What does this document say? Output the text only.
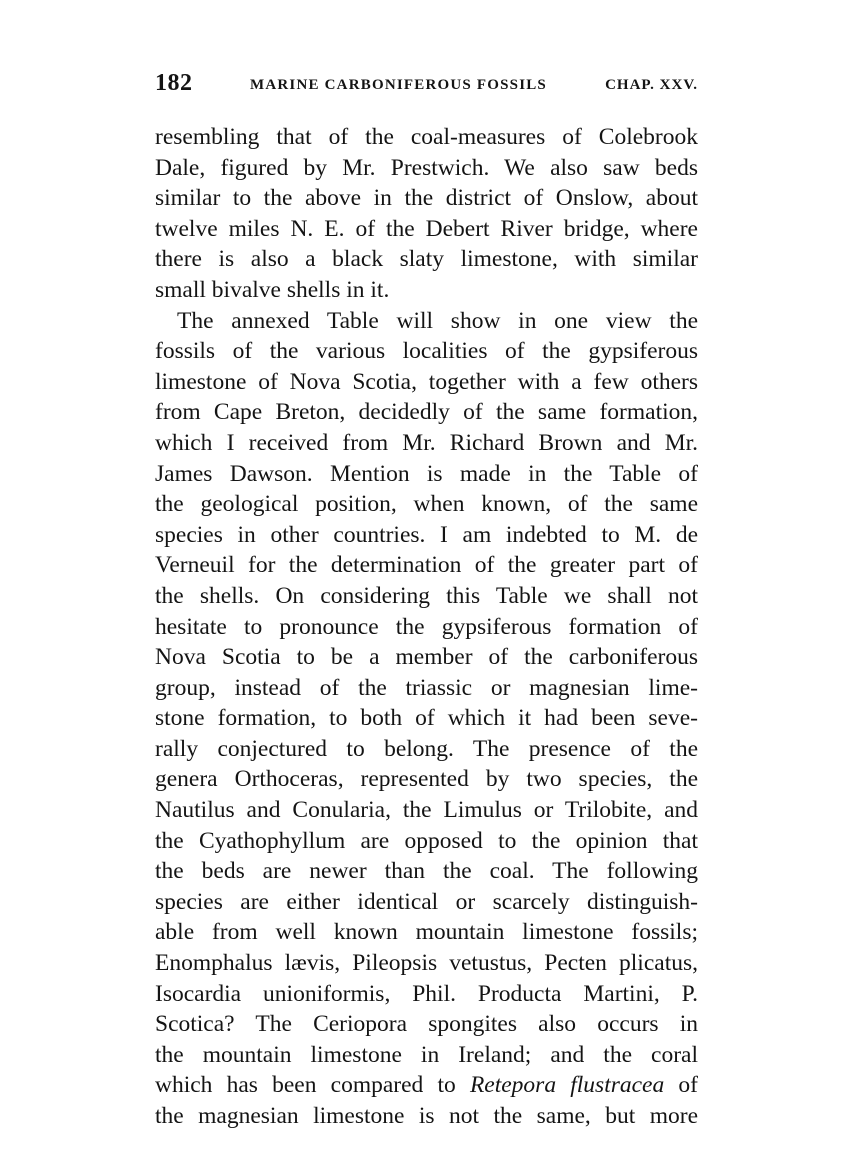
182	MARINE CARBONIFEROUS FOSSILS	CHAP. XXV.
resembling that of the coal-measures of Colebrook
Dale, figured by Mr. Prestwich. We also saw beds
similar to the above in the district of Onslow, about
twelve miles N. E. of the Debert River bridge, where
there is also a black slaty limestone, with similar
small bivalve shells in it.
The annexed Table will show in one view the
fossils of the various localities of the gypsiferous
limestone of Nova Scotia, together with a few others
from Cape Breton, decidedly of the same formation,
which I received from Mr. Richard Brown and Mr.
James Dawson. Mention is made in the Table of
the geological position, when known, of the same
species in other countries. I am indebted to M. de
Verneuil for the determination of the greater part of
the shells. On considering this Table we shall not
hesitate to pronounce the gypsiferous formation of
Nova Scotia to be a member of the carboniferous
group, instead of the triassic or magnesian lime-
stone formation, to both of which it had been seve-
rally conjectured to belong. The presence of the
genera Orthoceras, represented by two species, the
Nautilus and Conularia, the Limulus or Trilobite, and
the Cyathophyllum are opposed to the opinion that
the beds are newer than the coal. The following
species are either identical or scarcely distinguish-
able from well known mountain limestone fossils;
Enomphalus lævis, Pileopsis vetustus, Pecten plicatus,
Isocardia unioniformis, Phil. Producta Martini, P.
Scotica? The Ceriopora spongites also occurs in
the mountain limestone in Ireland; and the coral
which has been compared to Retepora flustracea of
the magnesian limestone is not the same, but more
